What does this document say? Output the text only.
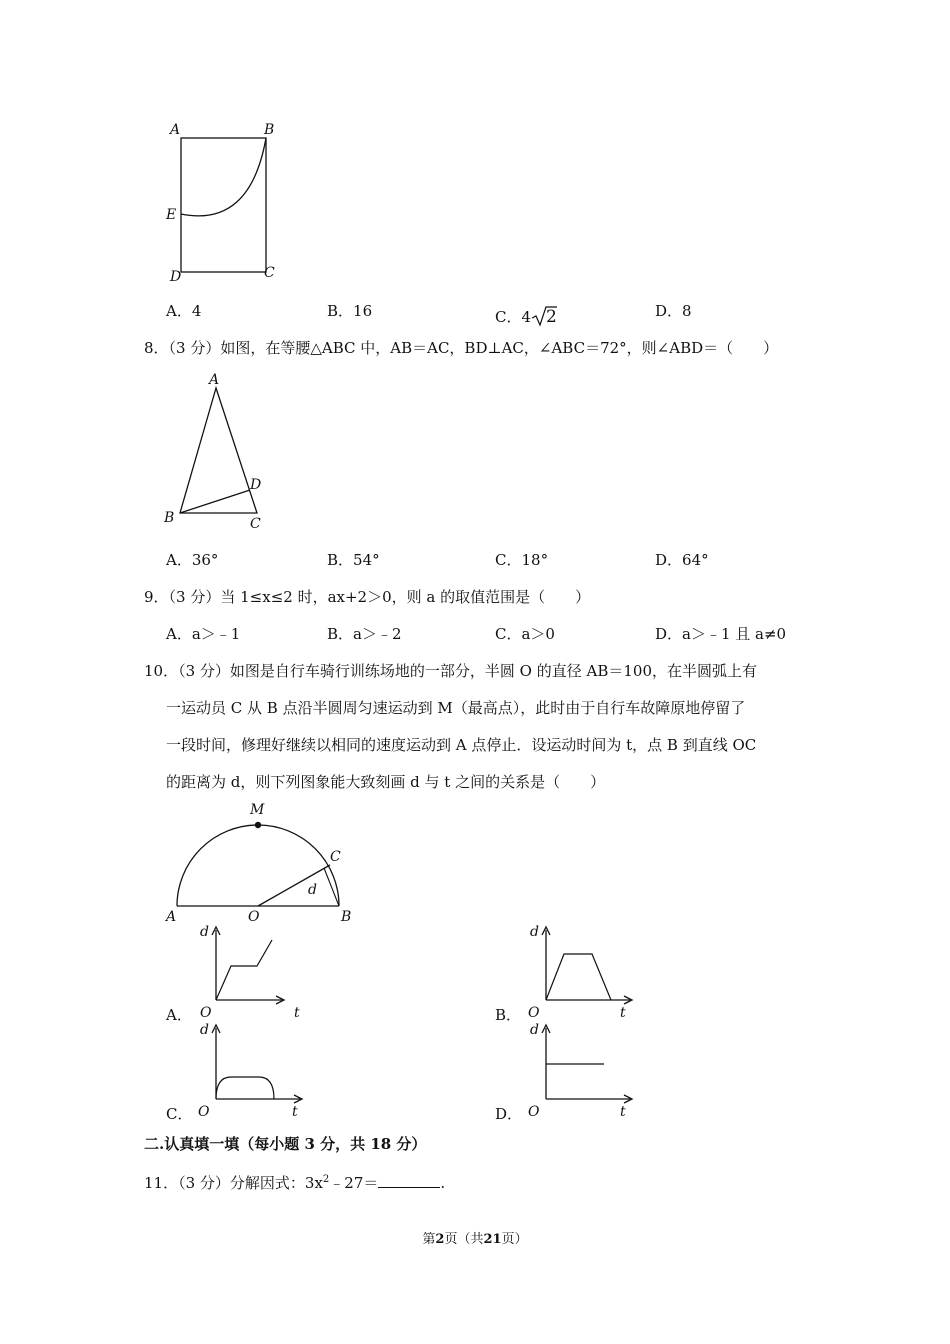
A	B
E
D	C
A．4	B．16	C．4 2	D．8
8．（3 分）如图，在等腰△ABC 中，AB＝AC，BD⊥AC，∠ABC＝72°，则∠ABD＝（　　）
A
D
B	C
A．36°	B．54°	C．18°	D．64°
9．（3 分）当 1≤x≤2 时，ax+2＞0，则 a 的取值范围是（　　）
A．a＞﹣1	B．a＞﹣2	C．a＞0	D．a＞﹣1 且 a≠0
10．（3 分）如图是自行车骑行训练场地的一部分，半圆 O 的直径 AB＝100，在半圆弧上有
一运动员 C 从 B 点沿半圆周匀速运动到 M（最高点），此时由于自行车故障原地停留了
一段时间，修理好继续以相同的速度运动到 A 点停止．设运动时间为 t，点 B 到直线 OC
的距离为 d，则下列图象能大致刻画 d 与 t 之间的关系是（　　）
M
C
d
A	O	B
A．
d
t
O	B．
d
t
O
C．
d
t
O	D．
d
t
O
二.认真填一填（每小题 3 分，共 18 分）
11．（3 分）分解因式：$3x^2﹣27=$	.
第2页（共21页）
